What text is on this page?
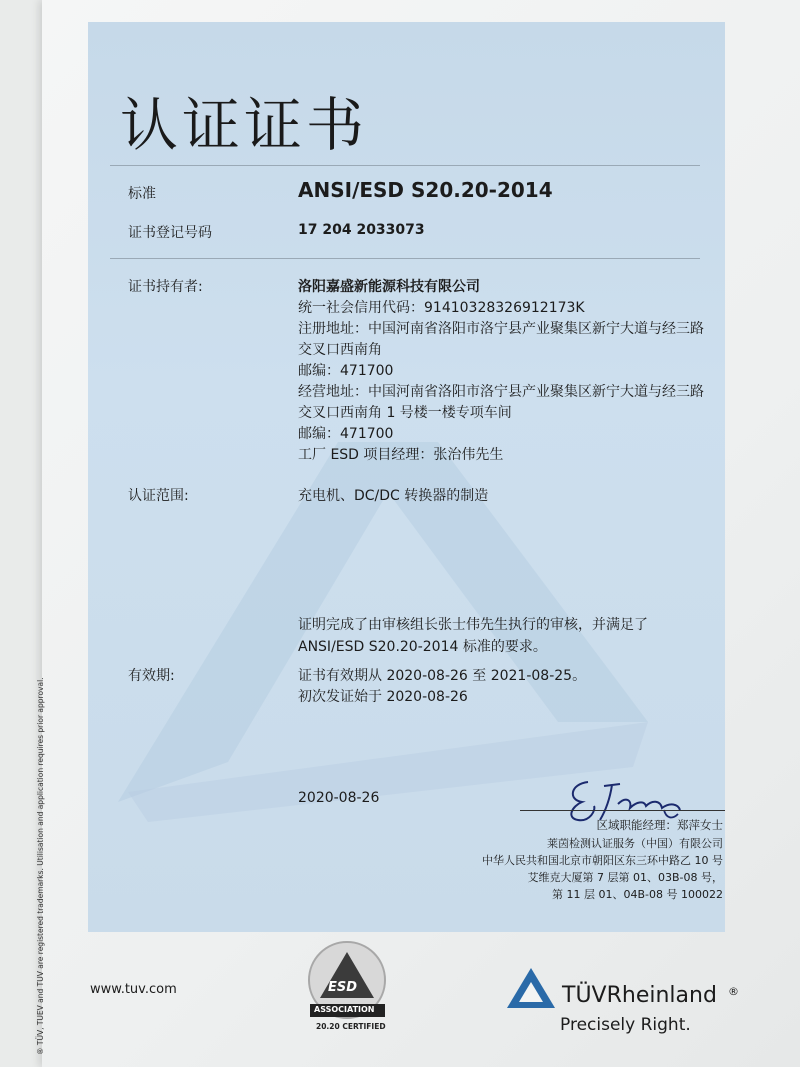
认证证书
标准	ANSI/ESD S20.20-2014
证书登记号码	17 204 2033073
证书持有者:	洛阳嘉盛新能源科技有限公司
统一社会信用代码：91410328326912173K
注册地址：中国河南省洛阳市洛宁县产业聚集区新宁大道与经三路
交叉口西南角
邮编：471700
经营地址：中国河南省洛阳市洛宁县产业聚集区新宁大道与经三路
交叉口西南角 1 号楼一楼专项车间
邮编：471700
工厂 ESD 项目经理：张治伟先生
认证范围:	充电机、DC/DC 转换器的制造
证明完成了由审核组长张士伟先生执行的审核，并满足了
ANSI/ESD S20.20-2014 标准的要求。
有效期:	证书有效期从 2020-08-26 至 2021-08-25。
初次发证始于 2020-08-26
2020-08-26
区域职能经理：郑萍女士
莱茵检测认证服务（中国）有限公司
中华人民共和国北京市朝阳区东三环中路乙 10 号
艾维克大厦第 7 层第 01、03B-08 号，
第 11 层 01、04B-08 号 100022
www.tuv.com	ESD
ASSOCIATION
20.20 CERTIFIED
TÜVRheinland ®
Precisely Right.
® TÜV, TUEV and TUV are registered trademarks. Utilisation and application requires prior approval.
